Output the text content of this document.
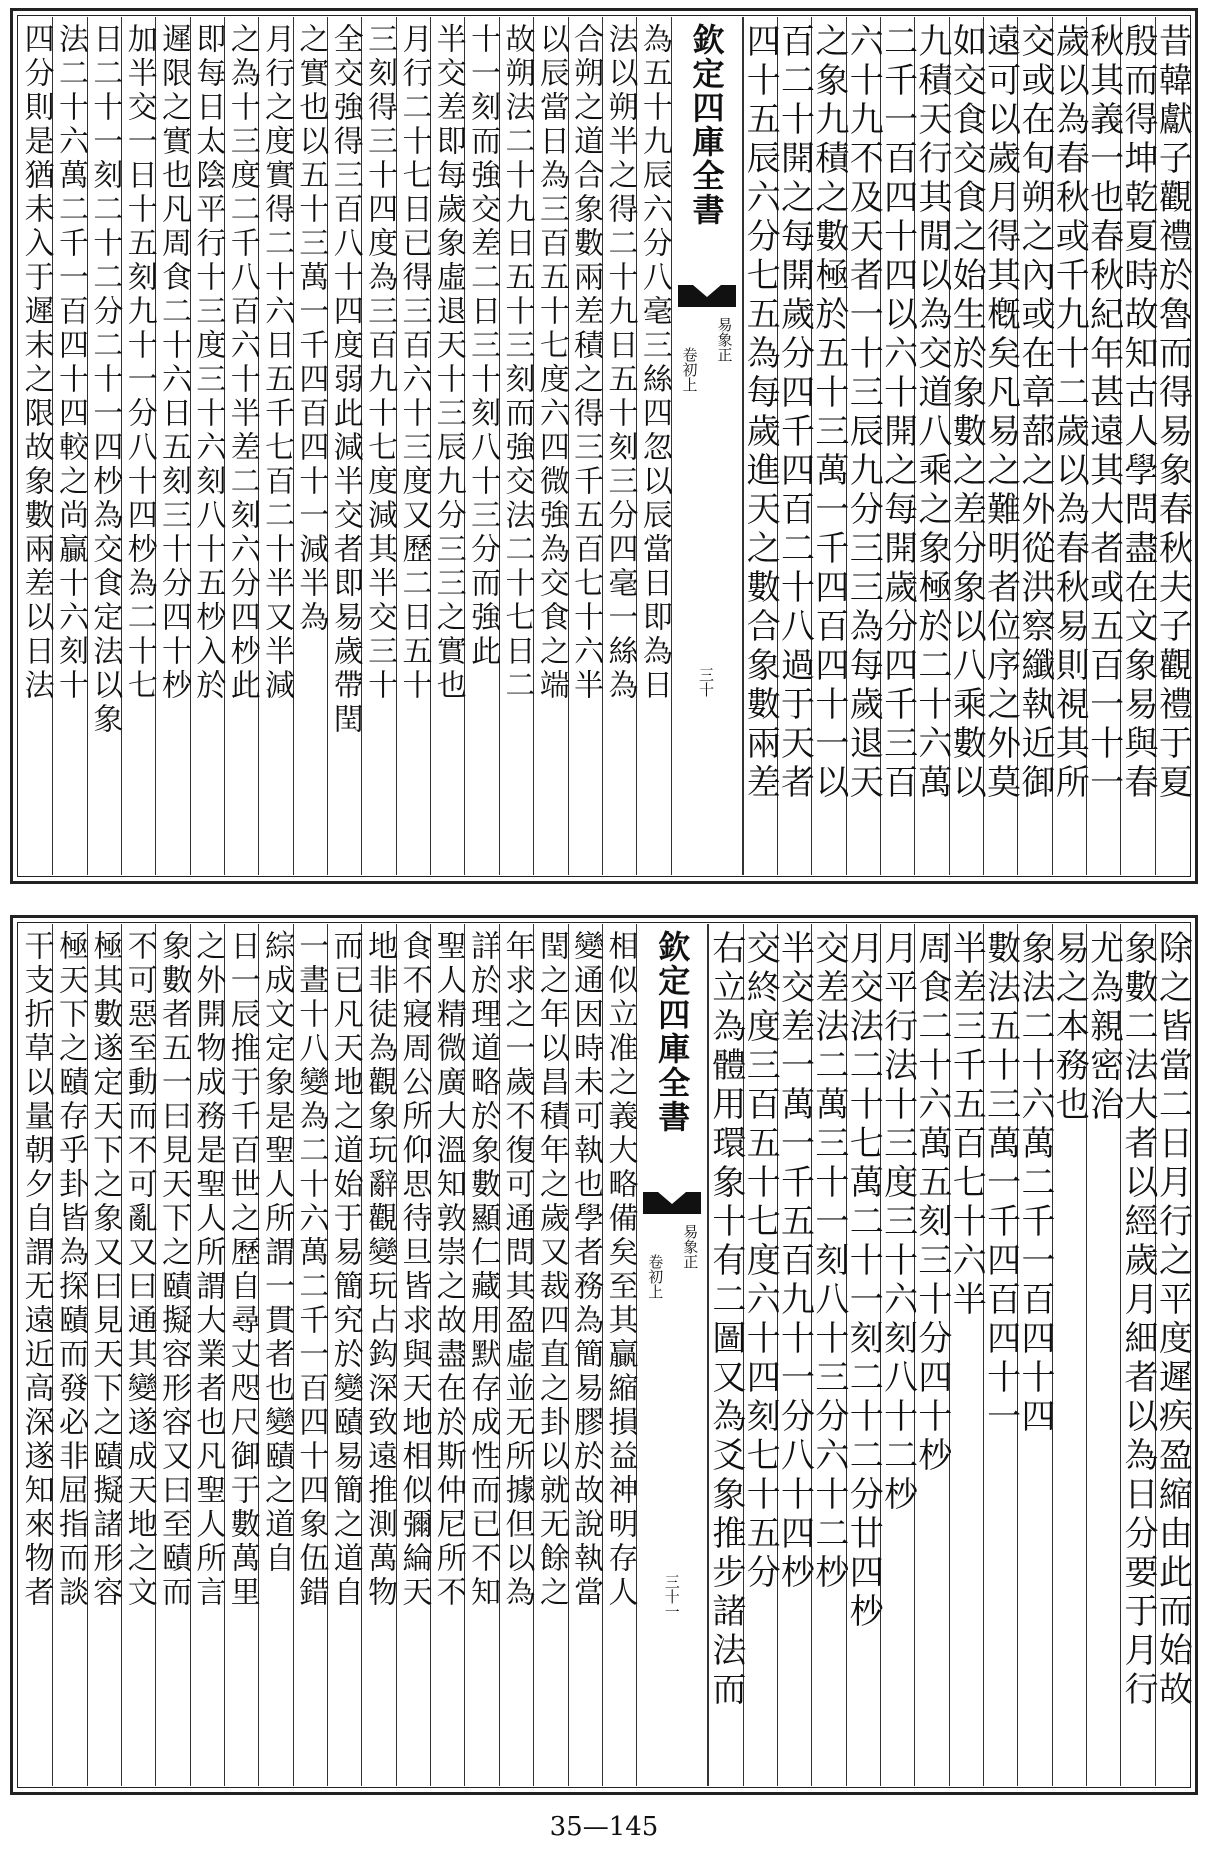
昔韓獻子觀禮於魯而得易象春秋夫子觀禮于夏
殷而得坤乾夏時故知古人學問盡在文象易與春
秋其義一也春秋紀年甚遠其大者或五百一十一
歲以為春秋或千九十二歲以為春秋易則視其所
交或在旬朔之內或在章蔀之外從洪察纖執近御
遠可以歲月得其槪矣凡易之難明者位序之外莫
如交食交食之始生於象數之差分象以八乘數以
九積天行其閒以為交道八乘之象極於二十六萬
二千一百四十四以六十開之每開歲分四千三百
六十九不及天者一十三辰九分三三為每歲退天
之象九積之數極於五十三萬一千四百四十一以
百二十開之每開歲分四千四百二十八過于天者
四十五辰六分七五為每歲進天之數合象數兩差
欽定四庫全書
易象正
卷初上
三十
為五十九辰六分八毫三絲四忽以辰當日即為日
法以朔半之得二十九日五十刻三分四毫一絲為
合朔之道合象數兩差積之得三千五百七十六半
以辰當日為三百五十七度六四微強為交食之端
故朔法二十九日五十三刻而強交法二十七日二
十一刻而強交差二日三十刻八十三分而強此
半交差即每歲象虛退天十三辰九分三三之實也
月行二十七日已得三百六十三度又歷二日五十
三刻得三十四度為三百九十七度減其半交三十
全交強得三百八十四度弱此減半交者即易歲帶閏
之實也以五十三萬一千四百四十一減半為
月行之度實得二十六日五千七百二十半又半減
之為十三度二千八百六十半差二刻六分四杪此
即每日太陰平行十三度三十六刻八十五杪入於
遲限之實也凡周食二十六日五刻三十分四十杪
加半交一日十五刻九十一分八十四杪為二十七
日二十一刻二十二分二十一四杪為交食定法以象
法二十六萬二千一百四十四較之尚贏十六刻十
四分則是猶未入于遲末之限故象數兩差以日法
除之皆當二日月行之平度遲疾盈縮由此而始故
象數二法大者以經歲月細者以為日分要于月行
尤為親密治
易之本務也
象法二十六萬二千一百四十四
數法五十三萬一千四百四十一
半差三千五百七十六半
周食二十六萬五刻三十分四十杪
月平行法十三度三十六刻八十二杪
月交法二十七萬二十一刻二十二分廿四杪
交差法二萬三十一刻八十三分六十二杪
半交差一萬一千五百九十一分八十四杪
交終度三百五十七度六十四刻七十五分
右立為體用環象十有二圖又為爻象推步諸法而
欽定四庫全書
易象正
卷初上
三十一
相似立准之義大略備矣至其贏縮損益神明存人
變通因時未可執也學者務為簡易膠於故說執當
閏之年以昌積年之歲又裁四直之卦以就无餘之
年求之一歲不復可通問其盈虛並无所據但以為
詳於理道略於象數顯仁藏用默存成性而已不知
聖人精微廣大溫知敦崇之故盡在於斯仲尼所不
食不寢周公所仰思待旦皆求與天地相似彌綸天
地非徒為觀象玩辭觀變玩占鈎深致遠推測萬物
而已凡天地之道始于易簡究於變賾易簡之道自
一晝十八變為二十六萬二千一百四十四象伍錯
綜成文定象是聖人所謂一貫者也變賾之道自
日一辰推于千百世之歷自尋丈咫尺御于數萬里
之外開物成務是聖人所謂大業者也凡聖人所言
象數者五一曰見天下之賾擬容形容又曰至賾而
不可惡至動而不可亂又曰通其變遂成天地之文
極其數遂定天下之象又曰見天下之賾擬諸形容
極天下之賾存乎卦皆為探賾而發必非屈指而談
干支折草以量朝夕自謂无遠近高深遂知來物者
35—145
